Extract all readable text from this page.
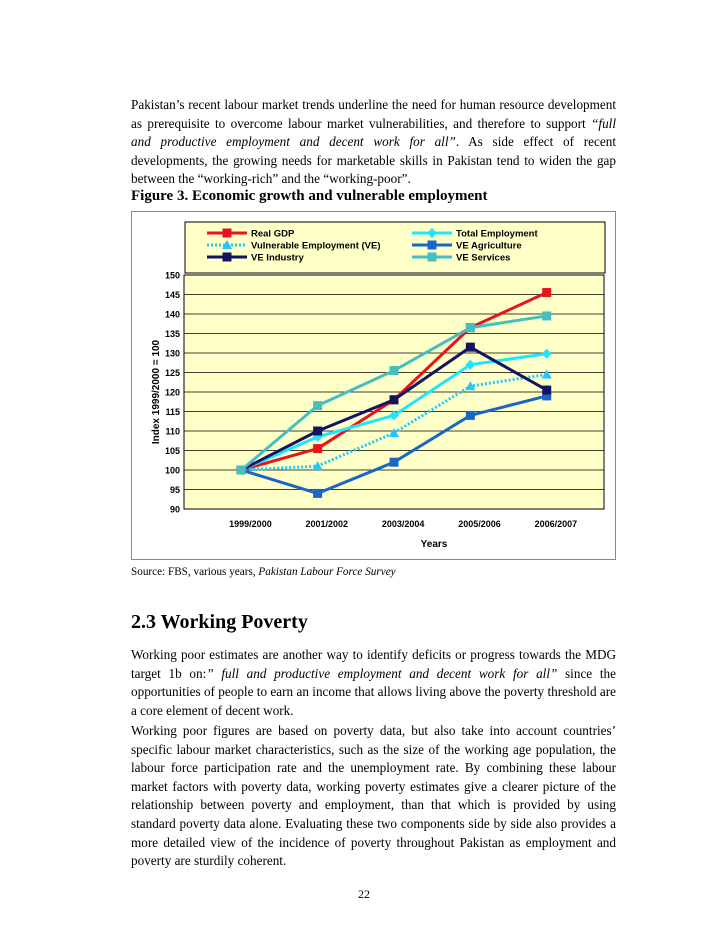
Pakistan’s recent labour market trends underline the need for human resource development as prerequisite to overcome labour market vulnerabilities, and therefore to support “full and productive employment and decent work for all”. As side effect of recent developments, the growing needs for marketable skills in Pakistan tend to widen the gap between the “working-rich” and the “working-poor”.

Figure 3. Economic growth and vulnerable employment
Real GDP	Total Employment
Vulnerable Employment (VE)	VE Agriculture
VE Industry	VE Services
90
95
100
105
110
115
120
125
130
135
140
145
150
1999/2000	2001/2002	2003/2004	2005/2006	2006/2007
Index 1999/2000 = 100
Years

Source: FBS, various years, Pakistan Labour Force Survey

2.3 Working Poverty

Working poor estimates are another way to identify deficits or progress towards the MDG target 1b on:” full and productive employment and decent work for all” since the opportunities of people to earn an income that allows living above the poverty threshold are a core element of decent work.

Working poor figures are based on poverty data, but also take into account countries’ specific labour market characteristics, such as the size of the working age population, the labour force participation rate and the unemployment rate. By combining these labour market factors with poverty data, working poverty estimates give a clearer picture of the relationship between poverty and employment, than that which is provided by using standard poverty data alone. Evaluating these two components side by side also provides a more detailed view of the incidence of poverty throughout Pakistan as employment and poverty are sturdily coherent.

22
